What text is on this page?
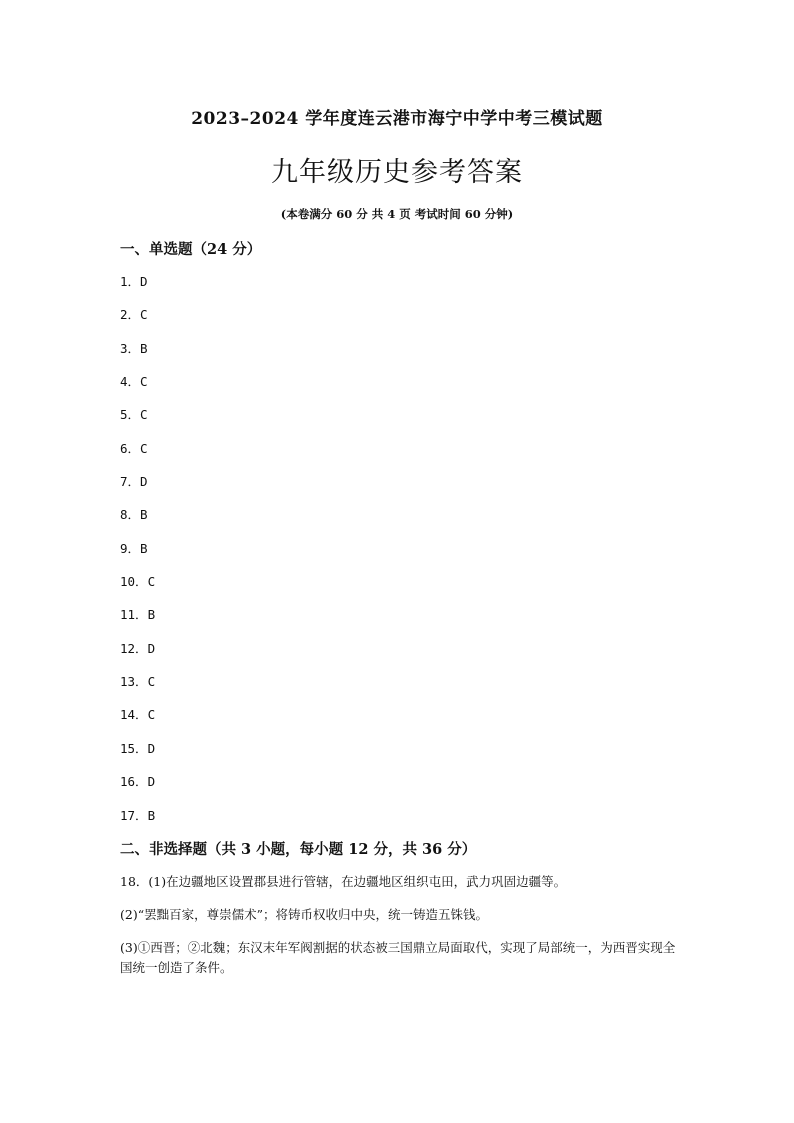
2023–2024 学年度连云港市海宁中学中考三模试题
九年级历史参考答案
(本卷满分 60 分 共 4 页 考试时间 60 分钟)
一、单选题（24 分）
1．D
2．C
3．B
4．C
5．C
6．C
7．D
8．B
9．B
10．C
11．B
12．D
13．C
14．C
15．D
16．D
17．B
二、非选择题（共 3 小题，每小题 12 分，共 36 分）
18．(1)在边疆地区设置郡县进行管辖，在边疆地区组织屯田，武力巩固边疆等。
(2)“罢黜百家，尊崇儒术”；将铸币权收归中央，统一铸造五铢钱。
(3)①西晋；②北魏；东汉末年军阀割据的状态被三国鼎立局面取代，实现了局部统一，为西晋实现全国统一创造了条件。
